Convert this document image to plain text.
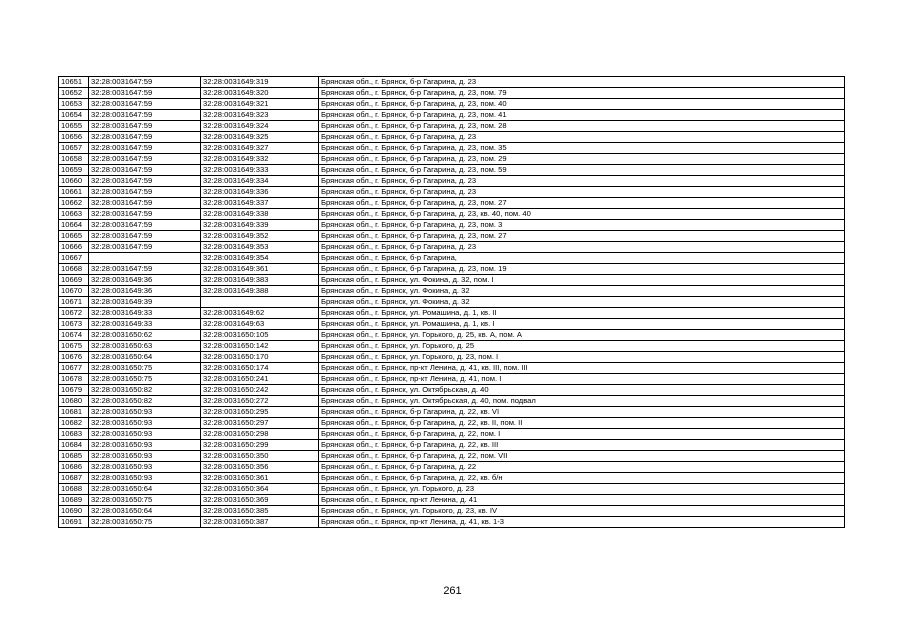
10651	32:28:0031647:59	32:28:0031649:319	Брянская обл., г. Брянск, б-р Гагарина, д. 23
10652	32:28:0031647:59	32:28:0031649:320	Брянская обл., г. Брянск, б-р Гагарина, д. 23, пом. 79
10653	32:28:0031647:59	32:28:0031649:321	Брянская обл., г. Брянск, б-р Гагарина, д. 23, пом. 40
10654	32:28:0031647:59	32:28:0031649:323	Брянская обл., г. Брянск, б-р Гагарина, д. 23, пом. 41
10655	32:28:0031647:59	32:28:0031649:324	Брянская обл., г. Брянск, б-р Гагарина, д. 23, пом. 28
10656	32:28:0031647:59	32:28:0031649:325	Брянская обл., г. Брянск, б-р Гагарина, д. 23
10657	32:28:0031647:59	32:28:0031649:327	Брянская обл., г. Брянск, б-р Гагарина, д. 23, пом. 35
10658	32:28:0031647:59	32:28:0031649:332	Брянская обл., г. Брянск, б-р Гагарина, д. 23, пом. 29
10659	32:28:0031647:59	32:28:0031649:333	Брянская обл., г. Брянск, б-р Гагарина, д. 23, пом. 59
10660	32:28:0031647:59	32:28:0031649:334	Брянская обл., г. Брянск, б-р Гагарина, д. 23
10661	32:28:0031647:59	32:28:0031649:336	Брянская обл., г. Брянск, б-р Гагарина, д. 23
10662	32:28:0031647:59	32:28:0031649:337	Брянская обл., г. Брянск, б-р Гагарина, д. 23, пом. 27
10663	32:28:0031647:59	32:28:0031649:338	Брянская обл., г. Брянск, б-р Гагарина, д. 23, кв. 40, пом. 40
10664	32:28:0031647:59	32:28:0031649:339	Брянская обл., г. Брянск, б-р Гагарина, д. 23, пом. 3
10665	32:28:0031647:59	32:28:0031649:352	Брянская обл., г. Брянск, б-р Гагарина, д. 23, пом. 27
10666	32:28:0031647:59	32:28:0031649:353	Брянская обл., г. Брянск, б-р Гагарина, д. 23
10667		32:28:0031649:354	Брянская обл., г. Брянск, б-р Гагарина,
10668	32:28:0031647:59	32:28:0031649:361	Брянская обл., г. Брянск, б-р Гагарина, д. 23, пом. 19
10669	32:28:0031649:36	32:28:0031649:383	Брянская обл., г. Брянск, ул. Фокина, д. 32, пом. I
10670	32:28:0031649:36	32:28:0031649:388	Брянская обл., г. Брянск, ул. Фокина, д. 32
10671	32:28:0031649:39		Брянская обл., г. Брянск, ул. Фокина, д. 32
10672	32:28:0031649:33	32:28:0031649:62	Брянская обл., г. Брянск, ул. Ромашина, д. 1, кв. II
10673	32:28:0031649:33	32:28:0031649:63	Брянская обл., г. Брянск, ул. Ромашина, д. 1, кв. I
10674	32:28:0031650:62	32:28:0031650:105	Брянская обл., г. Брянск, ул. Горького, д. 25, кв. А, пом. А
10675	32:28:0031650:63	32:28:0031650:142	Брянская обл., г. Брянск, ул. Горького, д. 25
10676	32:28:0031650:64	32:28:0031650:170	Брянская обл., г. Брянск, ул. Горького, д. 23, пом. I
10677	32:28:0031650:75	32:28:0031650:174	Брянская обл., г. Брянск, пр-кт Ленина, д. 41, кв. III, пом. III
10678	32:28:0031650:75	32:28:0031650:241	Брянская обл., г. Брянск, пр-кт Ленина, д. 41, пом. I
10679	32:28:0031650:82	32:28:0031650:242	Брянская обл., г. Брянск, ул. Октябрьская, д. 40
10680	32:28:0031650:82	32:28:0031650:272	Брянская обл., г. Брянск, ул. Октябрьская, д. 40, пом. подвал
10681	32:28:0031650:93	32:28:0031650:295	Брянская обл., г. Брянск, б-р Гагарина, д. 22, кв. VI
10682	32:28:0031650:93	32:28:0031650:297	Брянская обл., г. Брянск, б-р Гагарина, д. 22, кв. II, пом. II
10683	32:28:0031650:93	32:28:0031650:298	Брянская обл., г. Брянск, б-р Гагарина, д. 22, пом. I
10684	32:28:0031650:93	32:28:0031650:299	Брянская обл., г. Брянск, б-р Гагарина, д. 22, кв. III
10685	32:28:0031650:93	32:28:0031650:350	Брянская обл., г. Брянск, б-р Гагарина, д. 22, пом. VII
10686	32:28:0031650:93	32:28:0031650:356	Брянская обл., г. Брянск, б-р Гагарина, д. 22
10687	32:28:0031650:93	32:28:0031650:361	Брянская обл., г. Брянск, б-р Гагарина, д. 22, кв. б/н
10688	32:28:0031650:64	32:28:0031650:364	Брянская обл., г. Брянск, ул. Горького, д. 23
10689	32:28:0031650:75	32:28:0031650:369	Брянская обл., г. Брянск, пр-кт Ленина, д. 41
10690	32:28:0031650:64	32:28:0031650:385	Брянская обл., г. Брянск, ул. Горького, д. 23, кв. IV
10691	32:28:0031650:75	32:28:0031650:387	Брянская обл., г. Брянск, пр-кт Ленина, д. 41, кв. 1-3
261
